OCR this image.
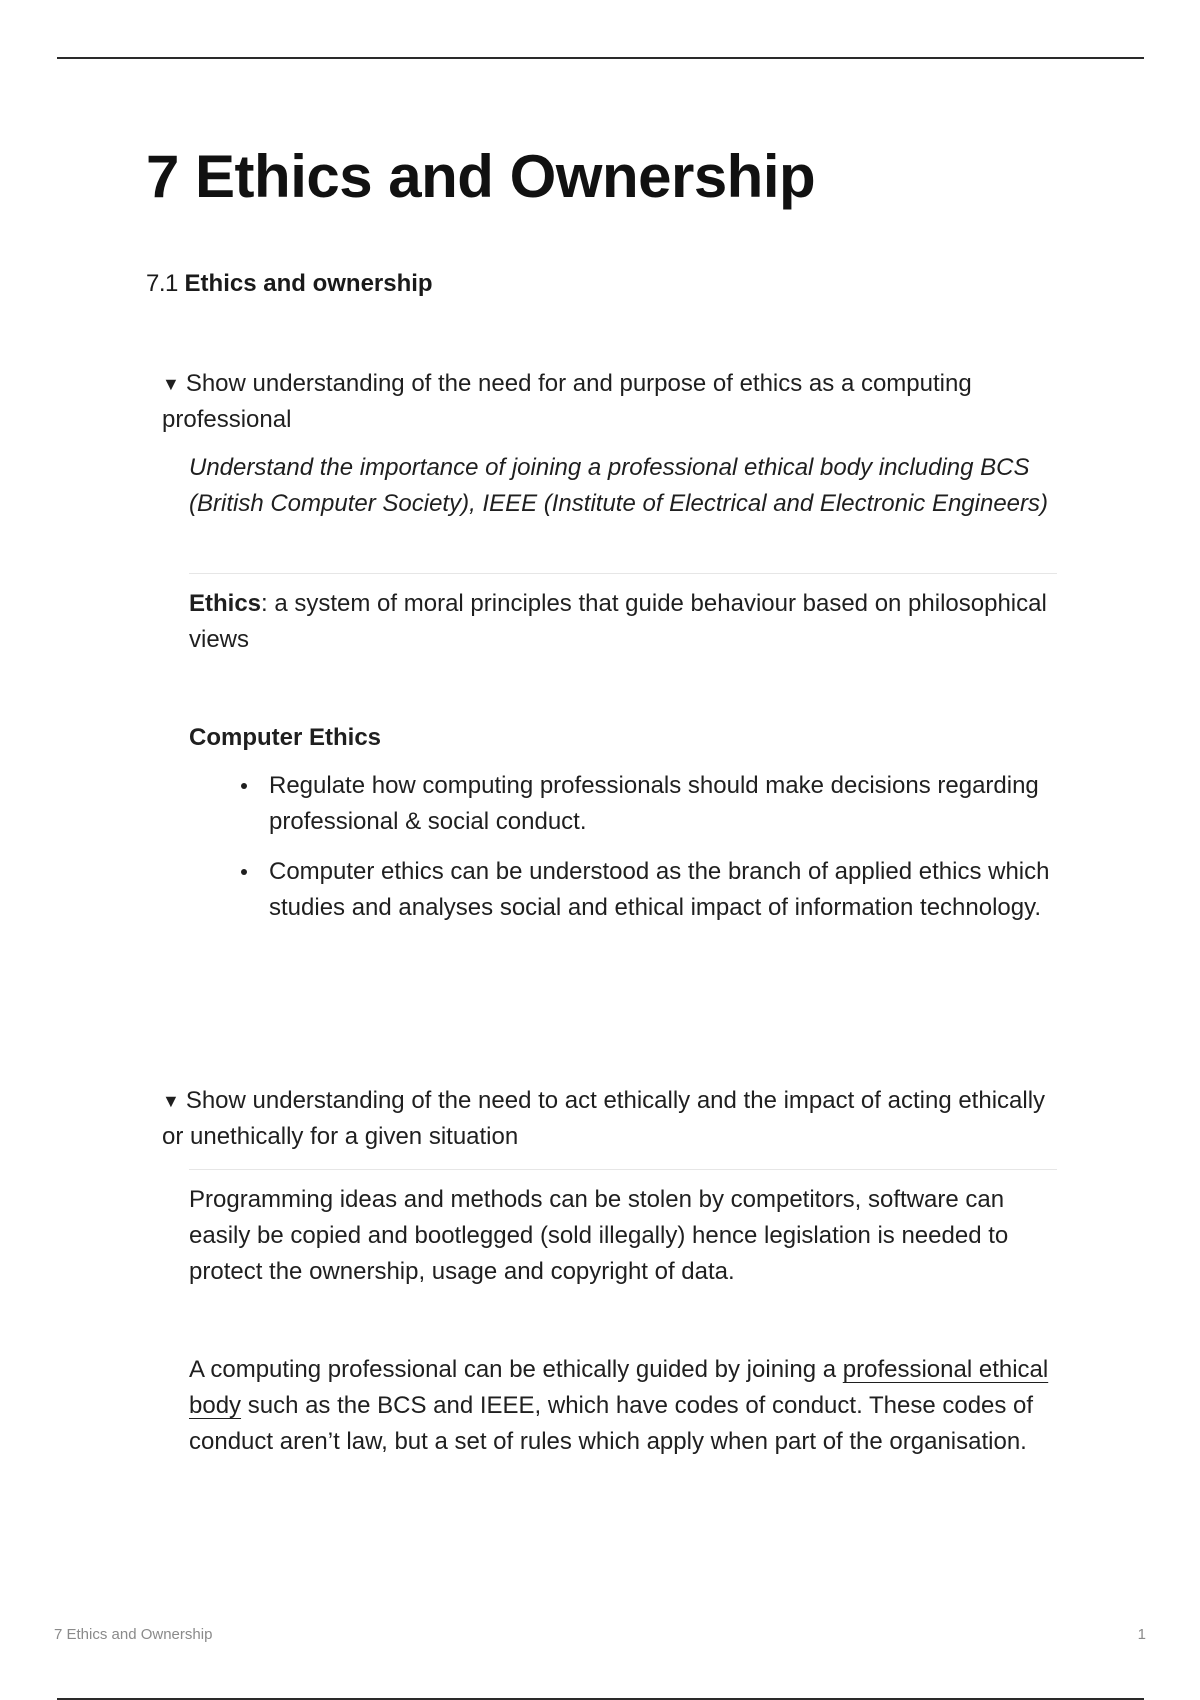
7 Ethics and Ownership
7.1 Ethics and ownership
▼ Show understanding of the need for and purpose of ethics as a computing professional
Understand the importance of joining a professional ethical body including BCS (British Computer Society), IEEE (Institute of Electrical and Electronic Engineers)
Ethics: a system of moral principles that guide behaviour based on philosophical views
Computer Ethics
Regulate how computing professionals should make decisions regarding professional & social conduct.
Computer ethics can be understood as the branch of applied ethics which studies and analyses social and ethical impact of information technology.
▼ Show understanding of the need to act ethically and the impact of acting ethically or unethically for a given situation
Programming ideas and methods can be stolen by competitors, software can easily be copied and bootlegged (sold illegally) hence legislation is needed to protect the ownership, usage and copyright of data.
A computing professional can be ethically guided by joining a professional ethical body such as the BCS and IEEE, which have codes of conduct. These codes of conduct aren’t law, but a set of rules which apply when part of the organisation.
7 Ethics and Ownership	1
